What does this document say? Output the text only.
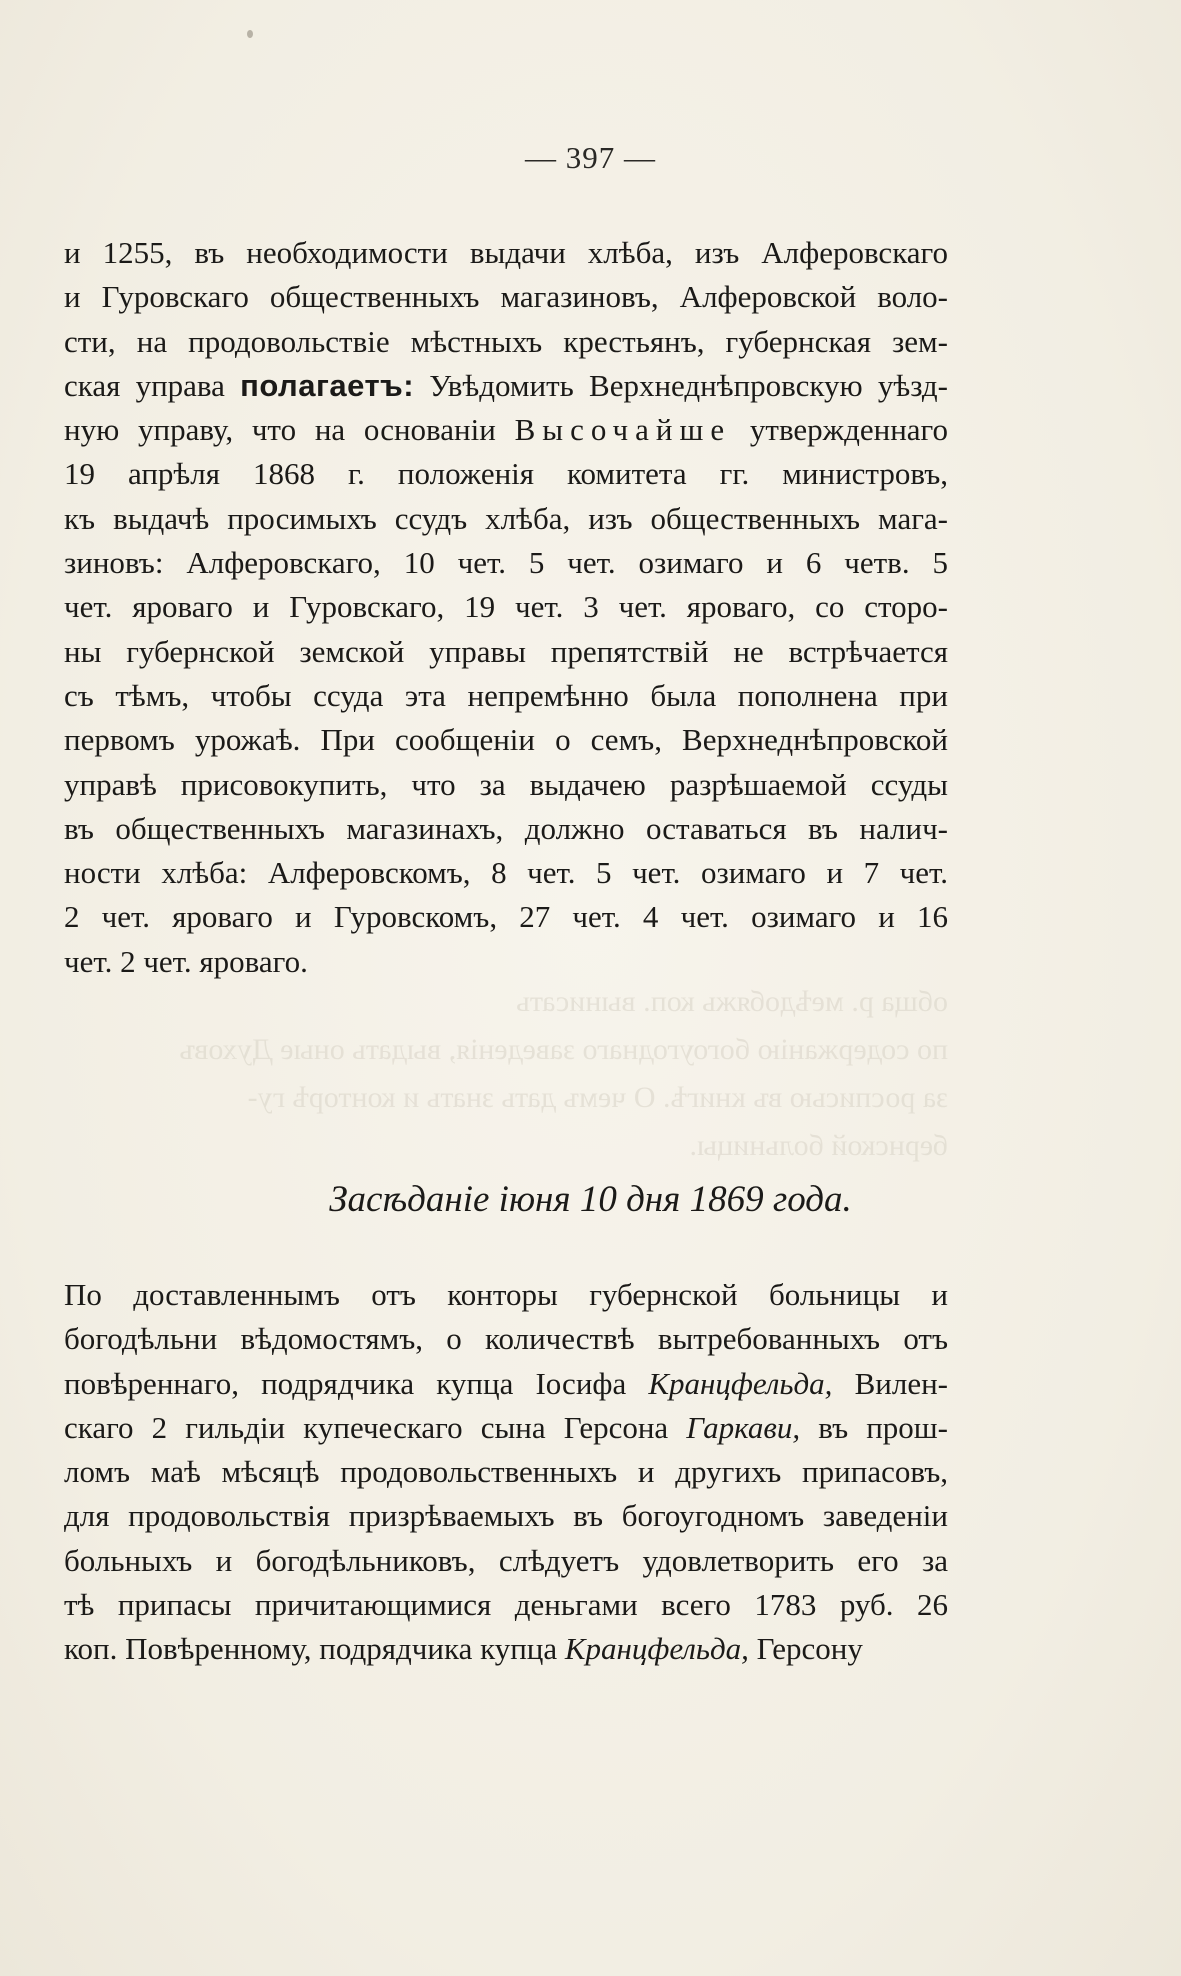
обща р. меѣдобяжь коп. вынисать
по содержанію богоугоднаго заведенія, выдать оные Духовъ
за росписью въ книгѣ. О чемъ дать знать и конторѣ гу-
бернской больницы.
— 397 —
и 1255, въ необходимости выдачи хлѣба, изъ Алферовскаго
и Гуровскаго общественныхъ магазиновъ, Алферовской воло-
сти, на продовольствіе мѣстныхъ крестьянъ, губернская зем-
ская управа полагаетъ: Увѣдомить Верхнеднѣпровскую уѣзд-
ную управу, что на основаніи Высочайше утвержденнаго
19 апрѣля 1868 г. положенія комитета гг. министровъ,
къ выдачѣ просимыхъ ссудъ хлѣба, изъ общественныхъ мага-
зиновъ: Алферовскаго, 10 чет. 5 чет. озимаго и 6 четв. 5
чет. яроваго и Гуровскаго, 19 чет. 3 чет. яроваго, со сторо-
ны губернской земской управы препятствій не встрѣчается
съ тѣмъ, чтобы ссуда эта непремѣнно была пополнена при
первомъ урожаѣ. При сообщеніи о семъ, Верхнеднѣпровской
управѣ присовокупить, что за выдачею разрѣшаемой ссуды
въ общественныхъ магазинахъ, должно оставаться въ налич-
ности хлѣба: Алферовскомъ, 8 чет. 5 чет. озимаго и 7 чет.
2 чет. яроваго и Гуровскомъ, 27 чет. 4 чет. озимаго и 16
чет. 2 чет. яроваго.
Засѣданіе іюня 10 дня 1869 года.
По доставленнымъ отъ конторы губернской больницы и
богодѣльни вѣдомостямъ, о количествѣ вытребованныхъ отъ
повѣреннаго, подрядчика купца Іосифа Кранцфельда, Вилен-
скаго 2 гильдіи купеческаго сына Герсона Гаркави, въ прош-
ломъ маѣ мѣсяцѣ продовольственныхъ и другихъ припасовъ,
для продовольствія призрѣваемыхъ въ богоугодномъ заведеніи
больныхъ и богодѣльниковъ, слѣдуетъ удовлетворить его за
тѣ припасы причитающимися деньгами всего 1783 руб. 26
коп. Повѣренному, подрядчика купца Кранцфельда, Герсону
